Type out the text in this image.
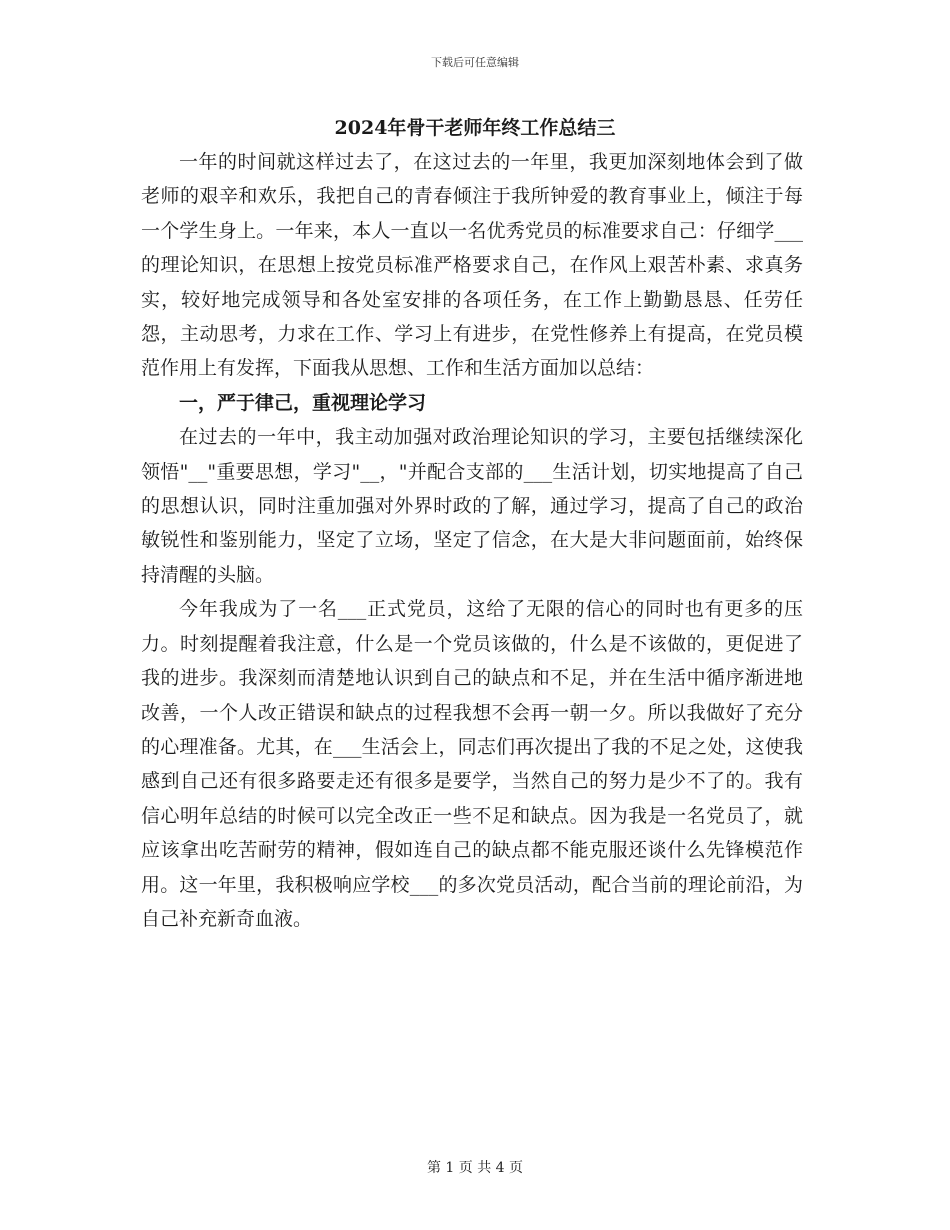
下载后可任意编辑
2024年骨干老师年终工作总结三

一年的时间就这样过去了，在这过去的一年里，我更加深刻地体会到了做老师的艰辛和欢乐，我把自己的青春倾注于我所钟爱的教育事业上，倾注于每一个学生身上。一年来，本人一直以一名优秀党员的标准要求自己：仔细学___的理论知识，在思想上按党员标准严格要求自己，在作风上艰苦朴素、求真务实，较好地完成领导和各处室安排的各项任务，在工作上勤勤恳恳、任劳任怨，主动思考，力求在工作、学习上有进步，在党性修养上有提高，在党员模范作用上有发挥，下面我从思想、工作和生活方面加以总结：

一，严于律己，重视理论学习

在过去的一年中，我主动加强对政治理论知识的学习，主要包括继续深化领悟"__"重要思想，学习"__，"并配合支部的___生活计划，切实地提高了自己的思想认识，同时注重加强对外界时政的了解，通过学习，提高了自己的政治敏锐性和鉴别能力，坚定了立场，坚定了信念，在大是大非问题面前，始终保持清醒的头脑。

今年我成为了一名___正式党员，这给了无限的信心的同时也有更多的压力。时刻提醒着我注意，什么是一个党员该做的，什么是不该做的，更促进了我的进步。我深刻而清楚地认识到自己的缺点和不足，并在生活中循序渐进地改善，一个人改正错误和缺点的过程我想不会再一朝一夕。所以我做好了充分的心理准备。尤其，在___生活会上，同志们再次提出了我的不足之处，这使我感到自己还有很多路要走还有很多是要学，当然自己的努力是少不了的。我有信心明年总结的时候可以完全改正一些不足和缺点。因为我是一名党员了，就应该拿出吃苦耐劳的精神，假如连自己的缺点都不能克服还谈什么先锋模范作用。这一年里，我积极响应学校___的多次党员活动，配合当前的理论前沿，为自己补充新奇血液。

第 1 页 共 4 页
